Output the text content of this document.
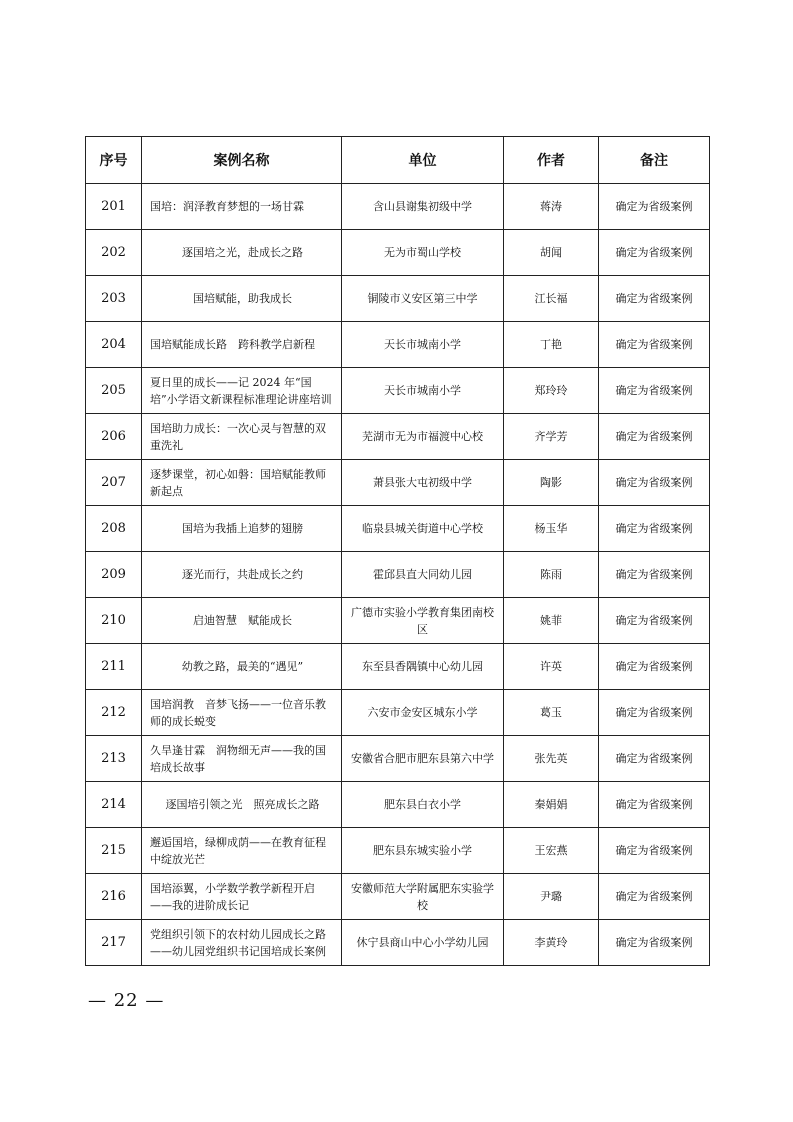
序号	案例名称	单位	作者	备注
201	国培：润泽教育梦想的一场甘霖	含山县谢集初级中学	蒋涛	确定为省级案例
202	逐国培之光，赴成长之路	无为市蜀山学校	胡闻	确定为省级案例
203	国培赋能，助我成长	铜陵市义安区第三中学	江长福	确定为省级案例
204	国培赋能成长路　跨科教学启新程	天长市城南小学	丁艳	确定为省级案例
205	夏日里的成长——记 2024 年“国培”小学语文新课程标准理论讲座培训	天长市城南小学	郑玲玲	确定为省级案例
206	国培助力成长：一次心灵与智慧的双重洗礼	芜湖市无为市福渡中心校	齐学芳	确定为省级案例
207	逐梦课堂，初心如磐：国培赋能教师新起点	萧县张大屯初级中学	陶影	确定为省级案例
208	国培为我插上追梦的翅膀	临泉县城关街道中心学校	杨玉华	确定为省级案例
209	逐光而行，共赴成长之约	霍邱县直大同幼儿园	陈雨	确定为省级案例
210	启迪智慧　赋能成长	广德市实验小学教育集团南校区	姚菲	确定为省级案例
211	幼教之路，最美的“遇见”	东至县香隅镇中心幼儿园	许英	确定为省级案例
212	国培润教　音梦飞扬——一位音乐教师的成长蜕变	六安市金安区城东小学	葛玉	确定为省级案例
213	久旱逢甘霖　润物细无声——我的国培成长故事	安徽省合肥市肥东县第六中学	张先英	确定为省级案例
214	逐国培引领之光　照亮成长之路	肥东县白衣小学	秦娟娟	确定为省级案例
215	邂逅国培，绿柳成荫——在教育征程中绽放光芒	肥东县东城实验小学	王宏燕	确定为省级案例
216	国培添翼，小学数学教学新程开启——我的进阶成长记	安徽师范大学附属肥东实验学校	尹璐	确定为省级案例
217	党组织引领下的农村幼儿园成长之路——幼儿园党组织书记国培成长案例	休宁县商山中心小学幼儿园	李黄玲	确定为省级案例
— 22 —
